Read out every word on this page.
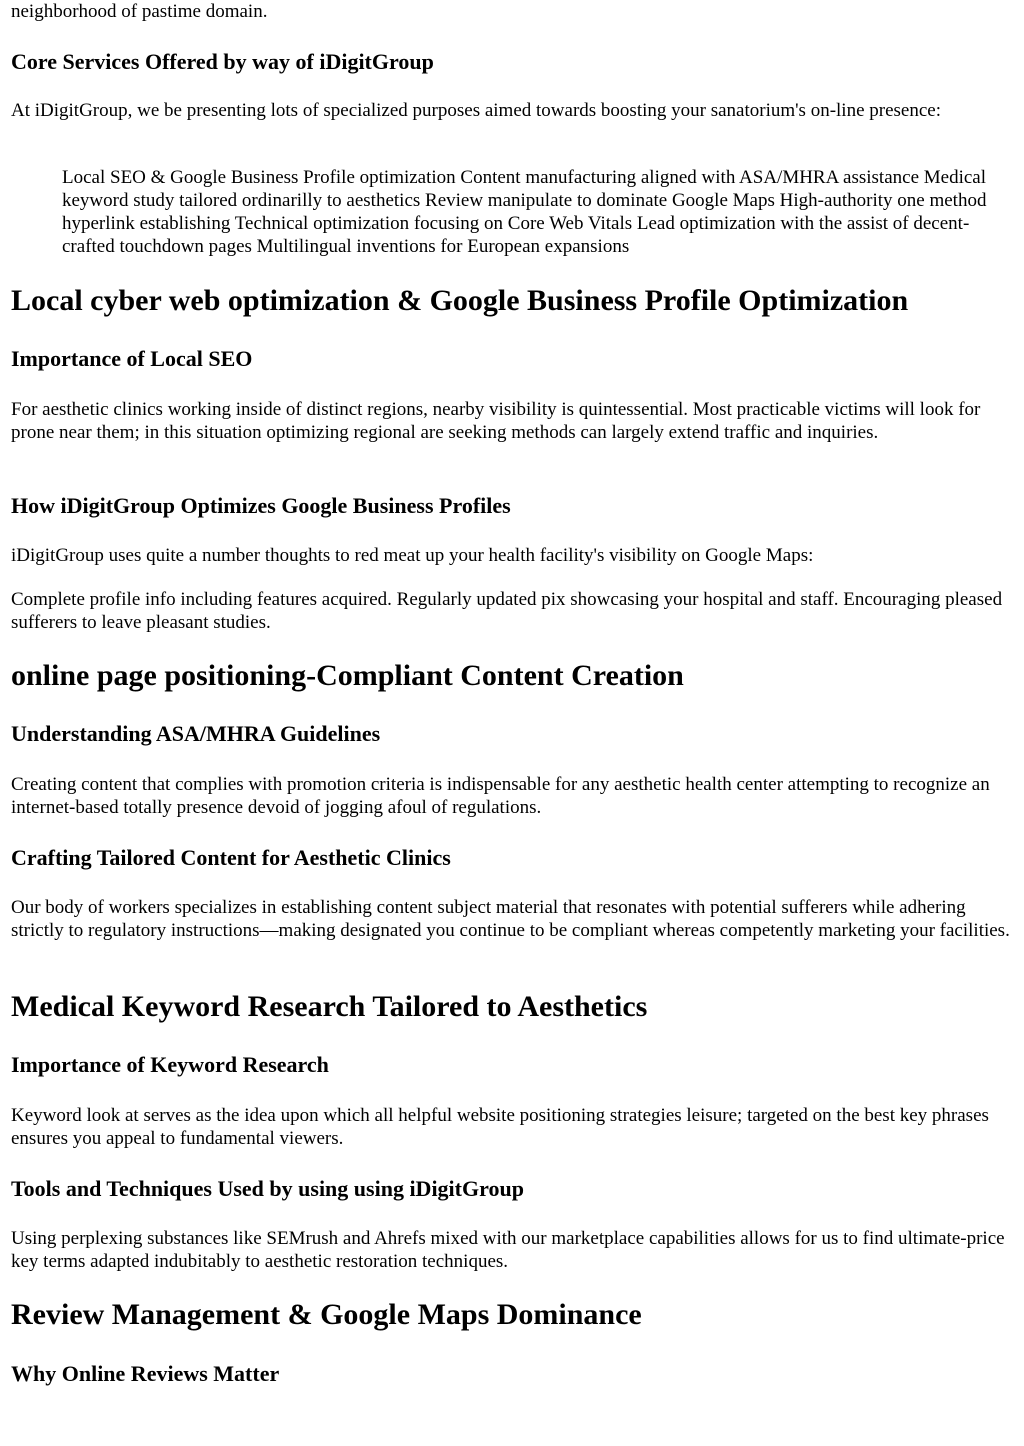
neighborhood of pastime domain.

Core Services Offered by way of iDigitGroup

At iDigitGroup, we be presenting lots of specialized purposes aimed towards boosting your sanatorium's on-line presence:

Local SEO & Google Business Profile optimization Content manufacturing aligned with ASA/MHRA assistance Medical keyword study tailored ordinarilly to aesthetics Review manipulate to dominate Google Maps High-authority one method hyperlink establishing Technical optimization focusing on Core Web Vitals Lead optimization with the assist of decent-crafted touchdown pages Multilingual inventions for European expansions
Local cyber web optimization & Google Business Profile Optimization
Importance of Local SEO

For aesthetic clinics working inside of distinct regions, nearby visibility is quintessential. Most practicable victims will look for prone near them; in this situation optimizing regional are seeking methods can largely extend traffic and inquiries.

How iDigitGroup Optimizes Google Business Profiles

iDigitGroup uses quite a number thoughts to red meat up your health facility's visibility on Google Maps:

Complete profile info including features acquired. Regularly updated pix showcasing your hospital and staff. Encouraging pleased sufferers to leave pleasant studies.

online page positioning-Compliant Content Creation
Understanding ASA/MHRA Guidelines

Creating content that complies with promotion criteria is indispensable for any aesthetic health center attempting to recognize an internet-based totally presence devoid of jogging afoul of regulations.

Crafting Tailored Content for Aesthetic Clinics

Our body of workers specializes in establishing content subject material that resonates with potential sufferers while adhering strictly to regulatory instructions—making designated you continue to be compliant whereas competently marketing your facilities.

Medical Keyword Research Tailored to Aesthetics
Importance of Keyword Research

Keyword look at serves as the idea upon which all helpful website positioning strategies leisure; targeted on the best key phrases ensures you appeal to fundamental viewers.

Tools and Techniques Used by using using iDigitGroup

Using perplexing substances like SEMrush and Ahrefs mixed with our marketplace capabilities allows for us to find ultimate-price key terms adapted indubitably to aesthetic restoration techniques.

Review Management & Google Maps Dominance
Why Online Reviews Matter
